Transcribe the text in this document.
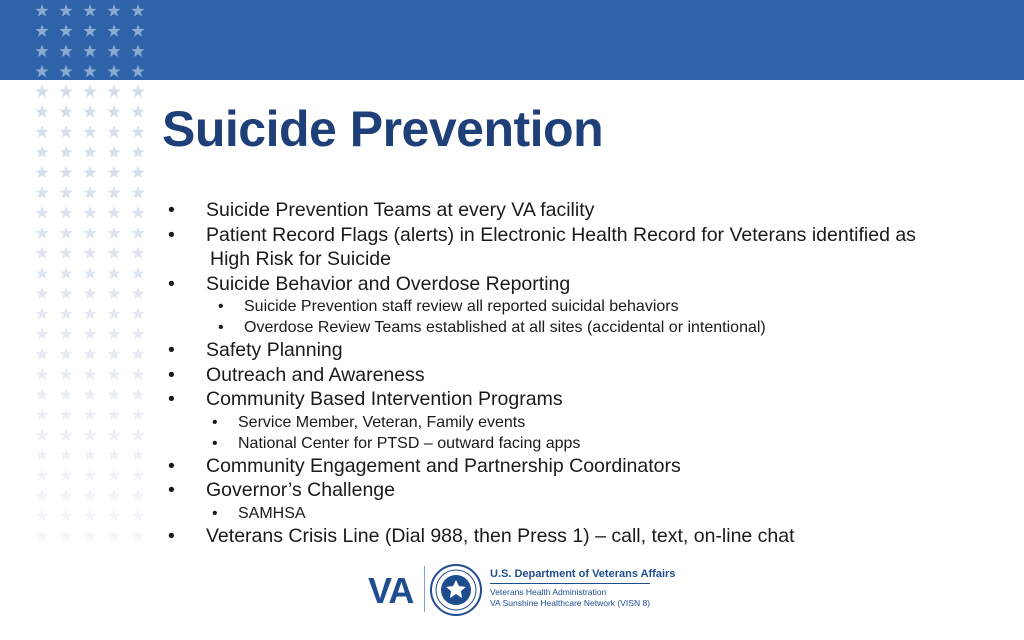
Suicide Prevention
• Suicide Prevention Teams at every VA facility
• Patient Record Flags (alerts) in Electronic Health Record for Veterans identified as
High Risk for Suicide
• Suicide Behavior and Overdose Reporting
• Suicide Prevention staff review all reported suicidal behaviors
• Overdose Review Teams established at all sites (accidental or intentional)
• Safety Planning
• Outreach and Awareness
• Community Based Intervention Programs
• Service Member, Veteran, Family events
• National Center for PTSD – outward facing apps
• Community Engagement and Partnership Coordinators
• Governor’s Challenge
• SAMHSA
• Veterans Crisis Line (Dial 988, then Press 1) – call, text, on-line chat
VA	U.S. Department of Veterans Affairs
Veterans Health Administration
VA Sunshine Healthcare Network (VISN 8)
